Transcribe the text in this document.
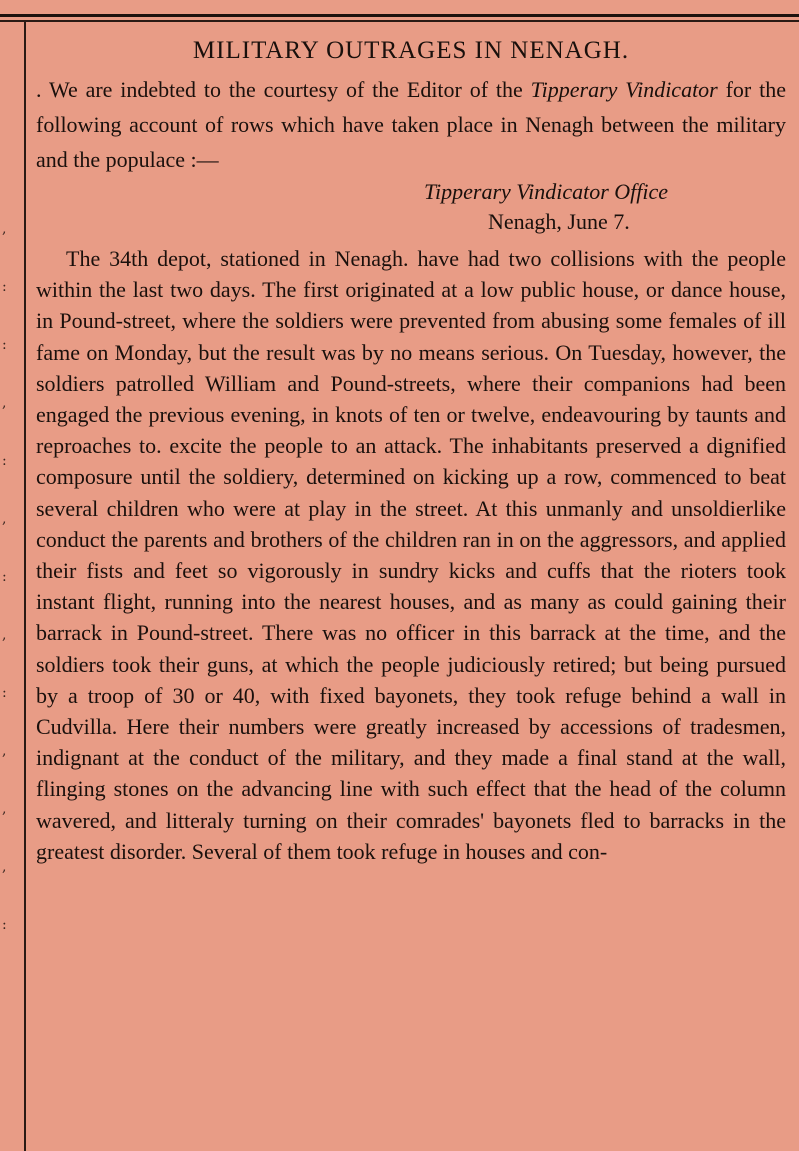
,
:
:
,
:
,
:
,
:
,
,
,
:
MILITARY OUTRAGES IN NENAGH.

. We are indebted to the courtesy of the Editor of the Tipperary Vindicator for the following account of rows which have taken place in Nenagh between the military and the populace :—

Tipperary Vindicator Office
Nenagh, June 7.

The 34th depot, stationed in Nenagh. have had two collisions with the people within the last two days. The first originated at a low public house, or dance house, in Pound-street, where the soldiers were prevented from abusing some females of ill fame on Monday, but the result was by no means serious. On Tuesday, however, the soldiers patrolled William and Pound-streets, where their companions had been engaged the previous evening, in knots of ten or twelve, endeavouring by taunts and reproaches to. excite the people to an attack. The inhabitants preserved a dignified composure until the soldiery, determined on kicking up a row, commenced to beat several children who were at play in the street. At this unmanly and unsoldierlike conduct the parents and brothers of the children ran in on the aggressors, and applied their fists and feet so vigorously in sundry kicks and cuffs that the rioters took instant flight, running into the nearest houses, and as many as could gaining their barrack in Pound-street. There was no officer in this barrack at the time, and the soldiers took their guns, at which the people judiciously retired; but being pursued by a troop of 30 or 40, with fixed bayonets, they took refuge behind a wall in Cudvilla. Here their numbers were greatly increased by accessions of tradesmen, indignant at the conduct of the military, and they made a final stand at the wall, flinging stones on the advancing line with such effect that the head of the column wavered, and litteraly turning on their comrades' bayonets fled to barracks in the greatest disorder. Several of them took refuge in houses and con-
